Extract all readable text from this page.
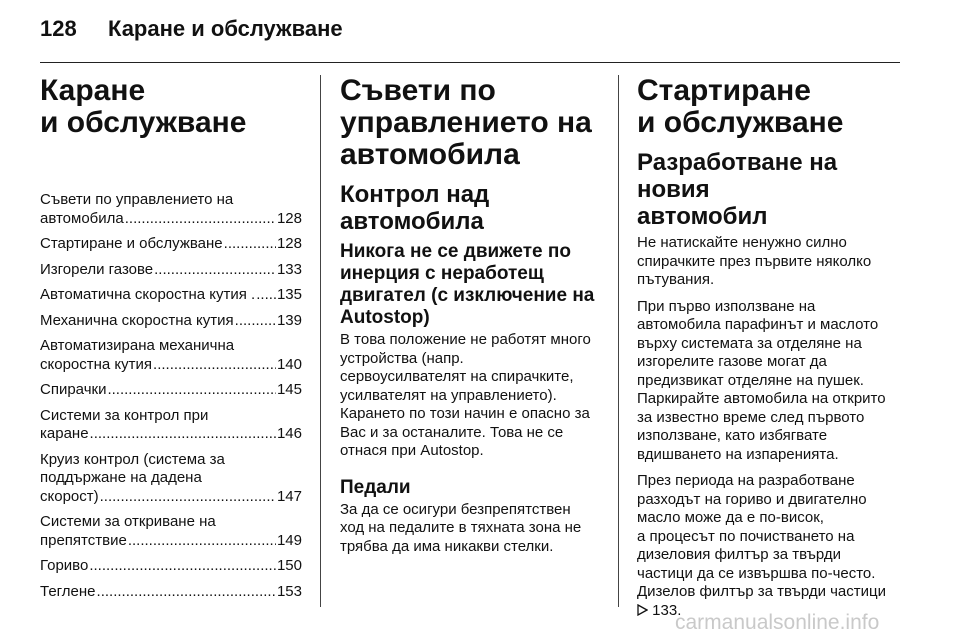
128 Каране и обслужване
Каране
и обслужване
Съвети по управлението на
автомобила .....	128
Стартиране и обслужване .....	128
Изгорели газове .....	133
Автоматична скоростна кутия . ..... 135
Механична скоростна кутия .....	139
Автоматизирана механична
скоростна кутия .....	140
Спирачки .....	145
Системи за контрол при
каране .....	146
Круиз контрол (система за
поддържане на дадена
скорост) .....	147
Системи за откриване на
препятствие .....	149
Гориво .....	150
Теглене .....	153
Съвети по
управлението на
автомобила
Контрол над автомобила
Никога не се движете по
инерция с неработещ
двигател (с изключение на
Autostop)
В това положение не работят много
устройства (напр.
сервоусилвателят на спирачките,
усилвателят на управлението).
Карането по този начин е опасно за
Вас и за останалите. Това не се
отнася при Autostop.
Педали
За да се осигури безпрепятствен
ход на педалите в тяхната зона не
трябва да има никакви стелки.
Стартиране
и обслужване
Разработване на новия
автомобил
Не натискайте ненужно силно
спирачките през първите няколко
пътувания.
При първо използване на
автомобила парафинът и маслото
върху системата за отделяне на
изгорелите газове могат да
предизвикат отделяне на пушек.
Паркирайте автомобила на открито
за известно време след първото
използване, като избягвате
вдишването на изпаренията.
През периода на разработване
разходът на гориво и двигателно
масло може да е по-висок,
а процесът по почистването на
дизеловия филтър за твърди
частици да се извършва по-често.
Дизелов филтър за твърди частици
133.
carmanualsonline.info
